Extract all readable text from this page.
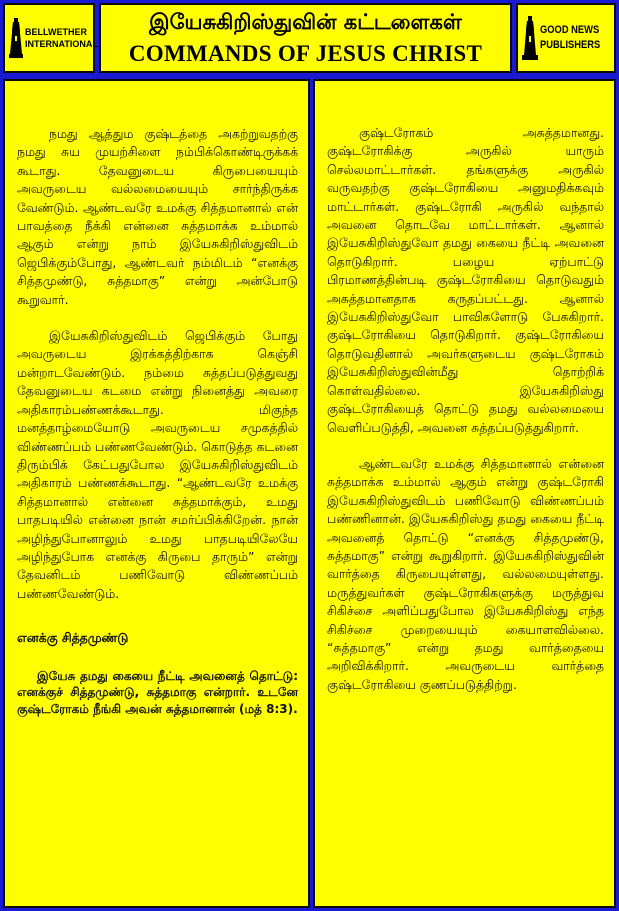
BELLWETHER
INTERNATIONAL
இயேசுகிறிஸ்துவின் கட்டளைகள்
COMMANDS OF JESUS CHRIST
GOOD NEWS
PUBLISHERS

நமது ஆத்தும குஷ்டத்தை அகற்றுவதற்கு நமது சுய முயற்சிளை நம்பிக்கொண்டிருக்கக் கூடாது. தேவனுடைய கிருபையையும் அவருடைய வல்லமையையும் சார்ந்திருக்க வேண்டும். ஆண்டவரே உமக்கு சித்தமானால் என் பாவத்தை நீக்கி என்னை சுத்தமாக்க உம்மால் ஆகும் என்று நாம் இயேசுகிறிஸ்துவிடம் ஜெபிக்கும்போது, ஆண்டவர் நம்மிடம் “எனக்கு சித்தமுண்டு, சுத்தமாகு” என்று அன்போடு கூறுவார்.

இயேசுகிறிஸ்துவிடம் ஜெபிக்கும் போது அவருடைய இரக்கத்திற்காக கெஞ்சி மன்றாடவேண்டும். நம்மை சுத்தப்படுத்துவது தேவனுடைய கடமை என்று நினைத்து அவரை அதிகாரம்பண்ணக்கூடாது. மிகுந்த மனத்தாழ்மையோடு அவருடைய சமுகத்தில் விண்ணப்பம் பண்ணவேண்டும். கொடுத்த கடனை திரும்பிக் கேட்பதுபோல இயேசுகிறிஸ்துவிடம் அதிகாரம் பண்ணக்கூடாது. “ஆண்டவரே உமக்கு சித்தமானால் என்னை சுத்தமாக்கும், உமது பாதபடியில் என்னை நான் சமர்ப்பிக்கிறேன். நான் அழிந்துபோனாலும் உமது பாதபடியிலேயே அழிந்துபோக எனக்கு கிருபை தாரும்” என்று தேவனிடம் பணிவோடு விண்ணப்பம் பண்ணவேண்டும்.

எனக்கு சித்தமுண்டு

இயேசு தமது கையை நீட்டி அவனைத் தொட்டு: எனக்குச் சித்தமுண்டு, சுத்தமாகு என்றார். உடனே குஷ்டரோகம் நீங்கி அவன் சுத்தமானான் (மத் 8:3).

குஷ்டரோகம் அசுத்தமானது. குஷ்டரோகிக்கு அருகில் யாரும் செல்லமாட்டார்கள். தங்களுக்கு அருகில் வருவதற்கு குஷ்டரோகியை அனுமதிக்கவும் மாட்டார்கள். குஷ்டரோகி அருகில் வந்தால் அவனை தொடவே மாட்டார்கள். ஆனால் இயேசுகிறிஸ்துவோ தமது கையை நீட்டி அவனை தொடுகிறார். பழைய ஏற்பாட்டு பிரமாணத்தின்படி குஷ்டரோகியை தொடுவதும் அசுத்தமானதாக கருதப்பட்டது. ஆனால் இயேசுகிறிஸ்துவோ பாவிகளோடு பேசுகிறார். குஷ்டரோகியை தொடுகிறார். குஷ்டரோகியை தொடுவதினால் அவர்களுடைய குஷ்டரோகம் இயேசுகிறிஸ்துவின்மீது தொற்றிக் கொள்வதில்லை. இயேசுகிறிஸ்து குஷ்டரோகியைத் தொட்டு தமது வல்லமையை வெளிப்படுத்தி, அவனை சுத்தப்படுத்துகிறார்.

ஆண்டவரே உமக்கு சித்தமானால் என்னை சுத்தமாக்க உம்மால் ஆகும் என்று குஷ்டரோகி இயேசுகிறிஸ்துவிடம் பணிவோடு விண்ணப்பம் பண்ணினான். இயேசுகிறிஸ்து தமது கையை நீட்டி அவனைத் தொட்டு “எனக்கு சித்தமுண்டு, சுத்தமாகு” என்று கூறுகிறார். இயேசுகிறிஸ்துவின் வார்த்தை கிருபையுள்ளது, வல்லமையுள்ளது. மருத்துவர்கள் குஷ்டரோகிகளுக்கு மருத்துவ சிகிச்சை அளிப்பதுபோல இயேசுகிறிஸ்து எந்த சிகிச்சை முறையையும் கையாளவில்லை. “சுத்தமாகு” என்று தமது வார்த்தையை அறிவிக்கிறார். அவருடைய வார்த்தை குஷ்டரோகியை குணப்படுத்திற்று.
